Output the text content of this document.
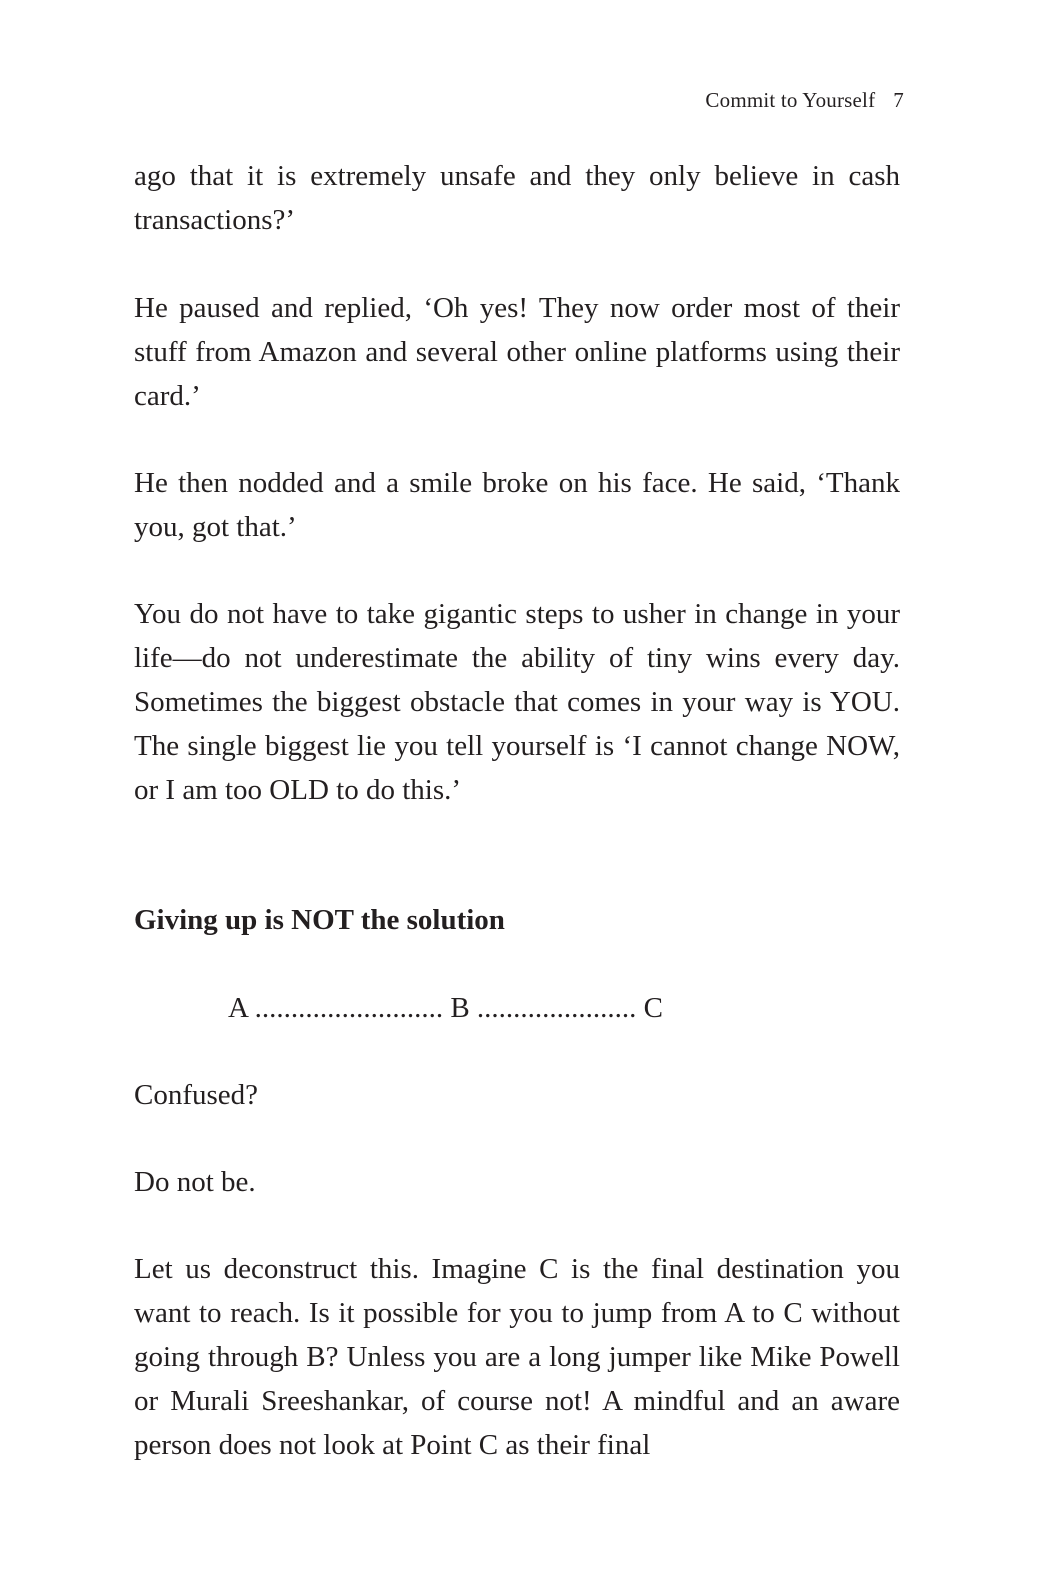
Commit to Yourself 7

ago that it is extremely unsafe and they only believe in cash transactions?’

He paused and replied, ‘Oh yes! They now order most of their stuff from Amazon and several other online platforms using their card.’

He then nodded and a smile broke on his face. He said, ‘Thank you, got that.’

You do not have to take gigantic steps to usher in change in your life—do not underestimate the ability of tiny wins every day. Sometimes the biggest obstacle that comes in your way is YOU. The single biggest lie you tell yourself is ‘I cannot change NOW, or I am too OLD to do this.’

Giving up is NOT the solution

A .......................... B ...................... C

Confused?

Do not be.

Let us deconstruct this. Imagine C is the final destination you want to reach. Is it possible for you to jump from A to C without going through B? Unless you are a long jumper like Mike Powell or Murali Sreeshankar, of course not! A mindful and an aware person does not look at Point C as their final
